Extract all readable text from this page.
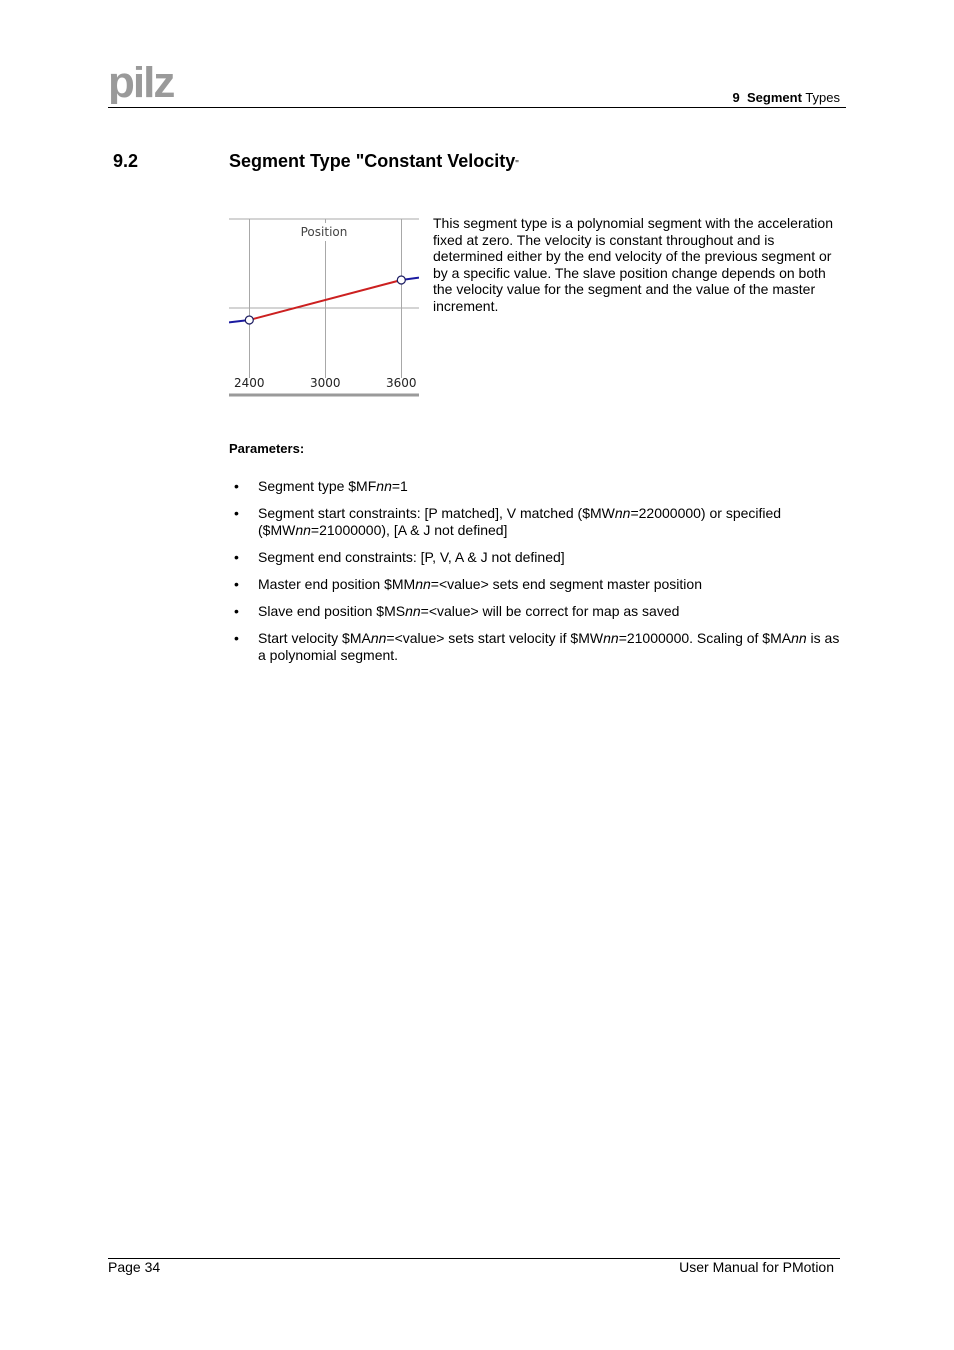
pilz	9 Segment Types
9.2	Segment Type "Constant Velocity"
Position
2400	3000	3600
This segment type is a polynomial segment with the acceleration fixed at zero. The velocity is constant throughout and is determined either by the end velocity of the previous segment or by a specific value. The slave position change depends on both the velocity value for the segment and the value of the master increment.
Parameters:
• Segment type $MFnn=1
• Segment start constraints: [P matched], V matched ($MWnn=22000000) or specified ($MWnn=21000000), [A & J not defined]
• Segment end constraints: [P, V, A & J not defined]
• Master end position $MMnn=<value> sets end segment master position
• Slave end position $MSnn=<value> will be correct for map as saved
• Start velocity $MAnn=<value> sets start velocity if $MWnn=21000000. Scaling of $MAnn is as a polynomial segment.
Page 34	User Manual for PMotion
